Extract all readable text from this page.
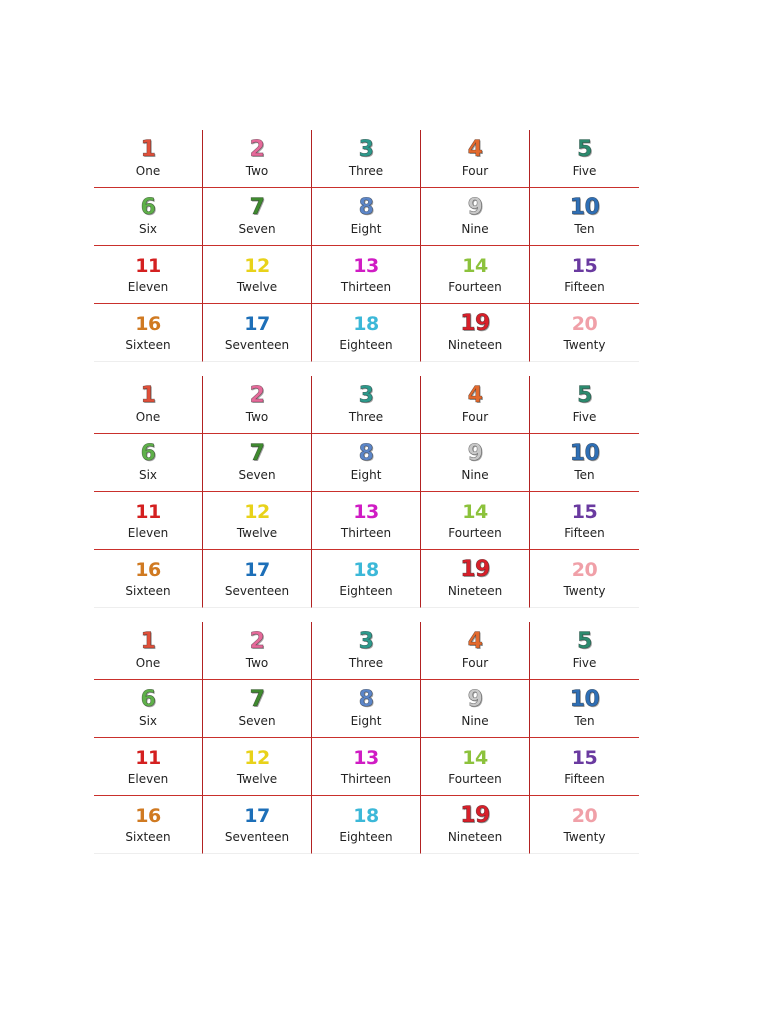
1
One
2
Two
3
Three
4
Four
5
Five
6
Six
7
Seven
8
Eight
9
Nine
10
Ten
11
Eleven
12
Twelve
13
Thirteen
14
Fourteen
15
Fifteen
16
Sixteen
17
Seventeen
18
Eighteen
19
Nineteen
20
Twenty
1
One
2
Two
3
Three
4
Four
5
Five
6
Six
7
Seven
8
Eight
9
Nine
10
Ten
11
Eleven
12
Twelve
13
Thirteen
14
Fourteen
15
Fifteen
16
Sixteen
17
Seventeen
18
Eighteen
19
Nineteen
20
Twenty
1
One
2
Two
3
Three
4
Four
5
Five
6
Six
7
Seven
8
Eight
9
Nine
10
Ten
11
Eleven
12
Twelve
13
Thirteen
14
Fourteen
15
Fifteen
16
Sixteen
17
Seventeen
18
Eighteen
19
Nineteen
20
Twenty
